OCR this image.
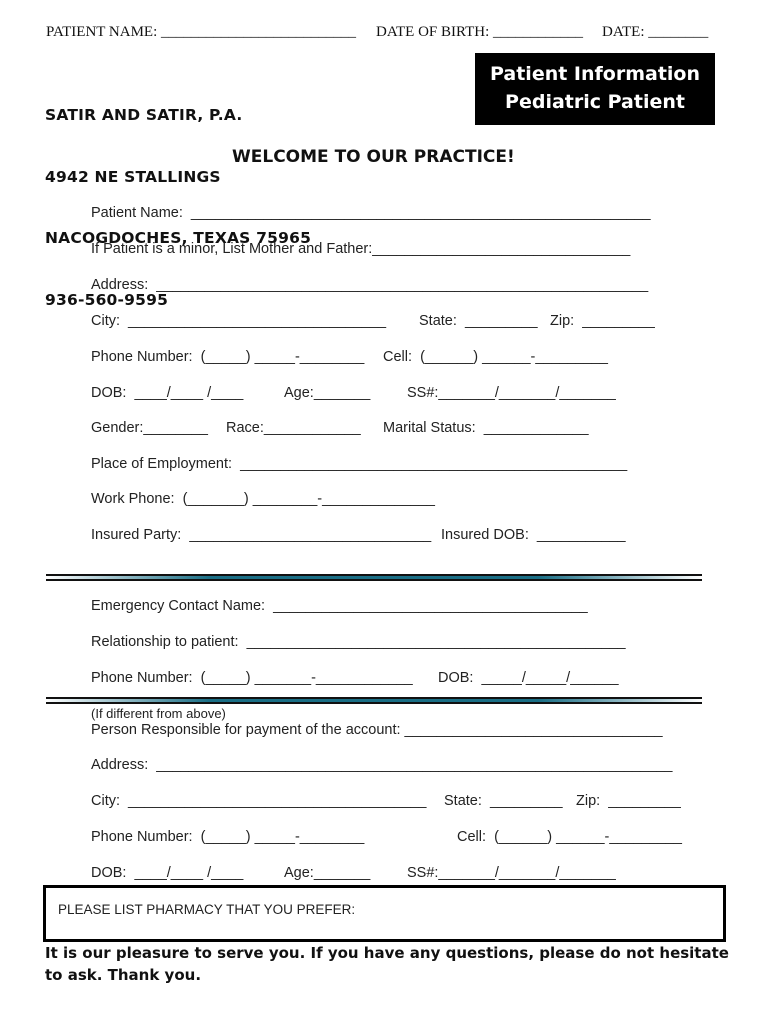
PATIENT NAME: __________________________ DATE OF BIRTH: ____________ DATE: ________

SATIR AND SATIR, P.A.

4942 NE STALLINGS

NACOGDOCHES, TEXAS 75965

936-560-9595

Patient Information
Pediatric Patient
WELCOME TO OUR PRACTICE!
Patient Name:  _________________________________________________________
If Patient is a minor, List Mother and Father:________________________________
Address:  _____________________________________________________________
City:  ________________________________ State:  _________ Zip:  _________
Phone Number:  (_____) _____-________ Cell:  (______) ______-_________
DOB:  ____/____ /____	Age:_______	SS#:_______/_______/_______
Gender:________ Race:____________ Marital Status:  _____________
Place of Employment:  ________________________________________________
Work Phone:  (_______) ________-______________
Insured Party:  ______________________________ Insured DOB:  ___________
Emergency Contact Name:  _______________________________________
Relationship to patient:  _______________________________________________
Phone Number:  (_____) _______-____________ DOB:  _____/_____/______
(If different from above)
Person Responsible for payment of the account: ________________________________
Address:  ________________________________________________________________
City:  _____________________________________ State:  _________ Zip:  _________
Phone Number:  (_____) _____-________	Cell:  (______) ______-_________
DOB:  ____/____ /____	Age:_______	SS#:_______/_______/_______
PLEASE LIST PHARMACY THAT YOU PREFER:
It is our pleasure to serve you. If you have any questions, please do not hesitate to ask. Thank you.
